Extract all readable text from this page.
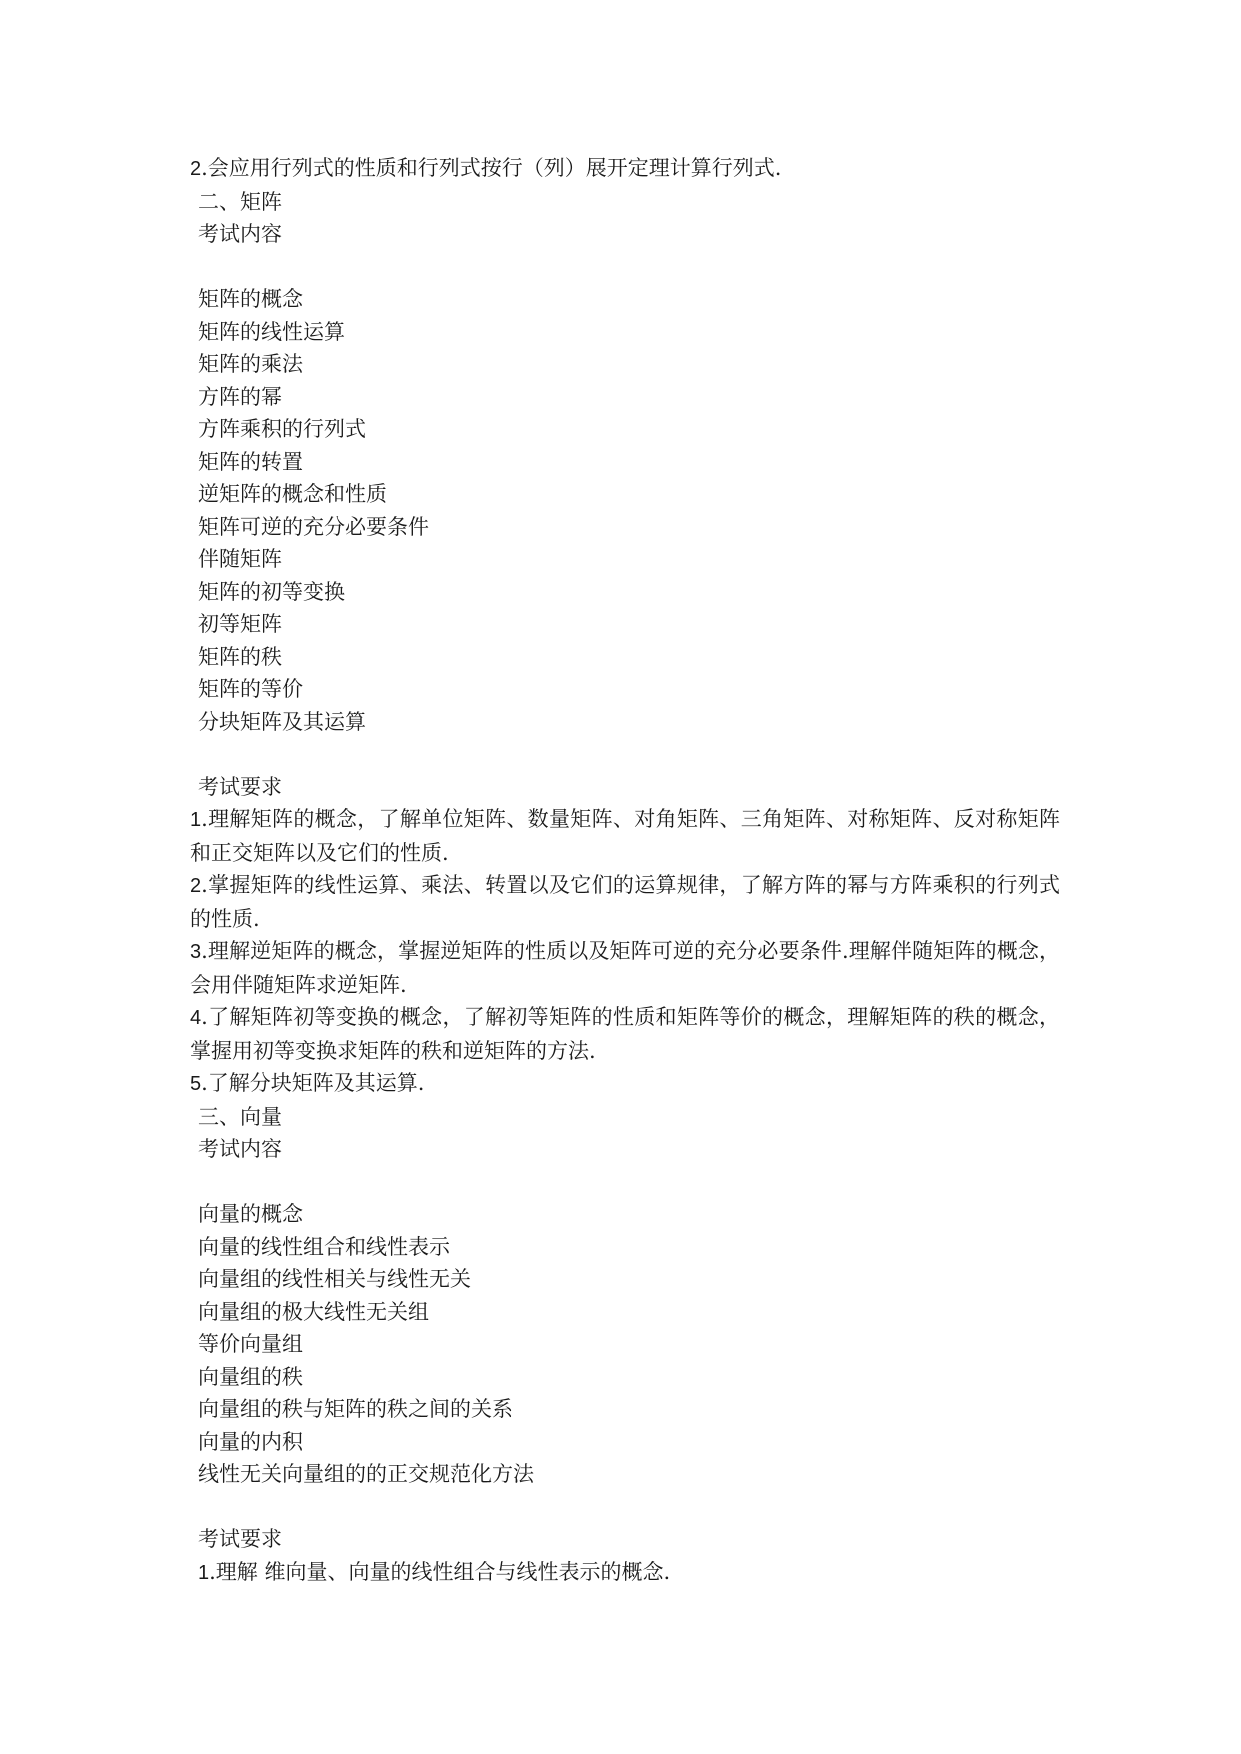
2.会应用行列式的性质和行列式按行（列）展开定理计算行列式.
二、矩阵
考试内容
矩阵的概念
矩阵的线性运算
矩阵的乘法
方阵的幂
方阵乘积的行列式
矩阵的转置
逆矩阵的概念和性质
矩阵可逆的充分必要条件
伴随矩阵
矩阵的初等变换
初等矩阵
矩阵的秩
矩阵的等价
分块矩阵及其运算
考试要求
1.理解矩阵的概念，了解单位矩阵、数量矩阵、对角矩阵、三角矩阵、对称矩阵、反对称矩阵和正交矩阵以及它们的性质.
2.掌握矩阵的线性运算、乘法、转置以及它们的运算规律，了解方阵的幂与方阵乘积的行列式的性质.
3.理解逆矩阵的概念，掌握逆矩阵的性质以及矩阵可逆的充分必要条件.理解伴随矩阵的概念，会用伴随矩阵求逆矩阵.
4.了解矩阵初等变换的概念，了解初等矩阵的性质和矩阵等价的概念，理解矩阵的秩的概念，掌握用初等变换求矩阵的秩和逆矩阵的方法.
5.了解分块矩阵及其运算.
三、向量
考试内容
向量的概念
向量的线性组合和线性表示
向量组的线性相关与线性无关
向量组的极大线性无关组
等价向量组
向量组的秩
向量组的秩与矩阵的秩之间的关系
向量的内积
线性无关向量组的的正交规范化方法
考试要求
1.理解 维向量、向量的线性组合与线性表示的概念.
